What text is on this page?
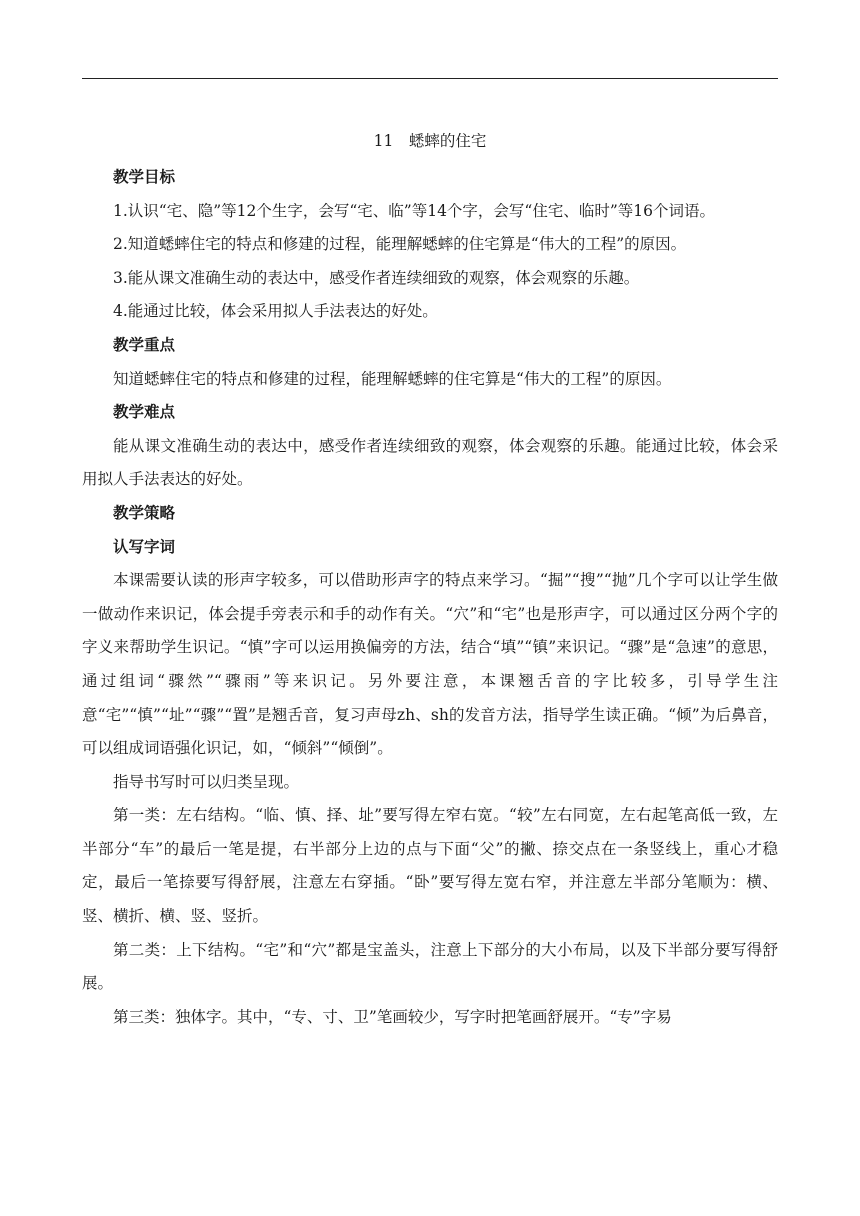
11　蟋蟀的住宅

教学目标

1.认识“宅、隐”等12个生字，会写“宅、临”等14个字，会写“住宅、临时”等16个词语。

2.知道蟋蟀住宅的特点和修建的过程，能理解蟋蟀的住宅算是“伟大的工程”的原因。

3.能从课文准确生动的表达中，感受作者连续细致的观察，体会观察的乐趣。

4.能通过比较，体会采用拟人手法表达的好处。

教学重点

知道蟋蟀住宅的特点和修建的过程，能理解蟋蟀的住宅算是“伟大的工程”的原因。

教学难点

能从课文准确生动的表达中，感受作者连续细致的观察，体会观察的乐趣。能通过比较，体会采用拟人手法表达的好处。

教学策略

认写字词

本课需要认读的形声字较多，可以借助形声字的特点来学习。“掘”“搜”“抛”几个字可以让学生做一做动作来识记，体会提手旁表示和手的动作有关。“穴”和“宅”也是形声字，可以通过区分两个字的字义来帮助学生识记。“慎”字可以运用换偏旁的方法，结合“填”“镇”来识记。“骤”是“急速”的意思，通过组词“骤然”“骤雨”等来识记。另外要注意，本课翘舌音的字比较多，引导学生注意“宅”“慎”“址”“骤”“置”是翘舌音，复习声母zh、sh的发音方法，指导学生读正确。“倾”为后鼻音，可以组成词语强化识记，如，“倾斜”“倾倒”。

指导书写时可以归类呈现。

第一类：左右结构。“临、慎、择、址”要写得左窄右宽。“较”左右同宽，左右起笔高低一致，左半部分“车”的最后一笔是提，右半部分上边的点与下面“父”的撇、捺交点在一条竖线上，重心才稳定，最后一笔捺要写得舒展，注意左右穿插。“卧”要写得左宽右窄，并注意左半部分笔顺为：横、竖、横折、横、竖、竖折。

第二类：上下结构。“宅”和“穴”都是宝盖头，注意上下部分的大小布局，以及下半部分要写得舒展。

第三类：独体字。其中，“专、寸、卫”笔画较少，写字时把笔画舒展开。“专”字易
